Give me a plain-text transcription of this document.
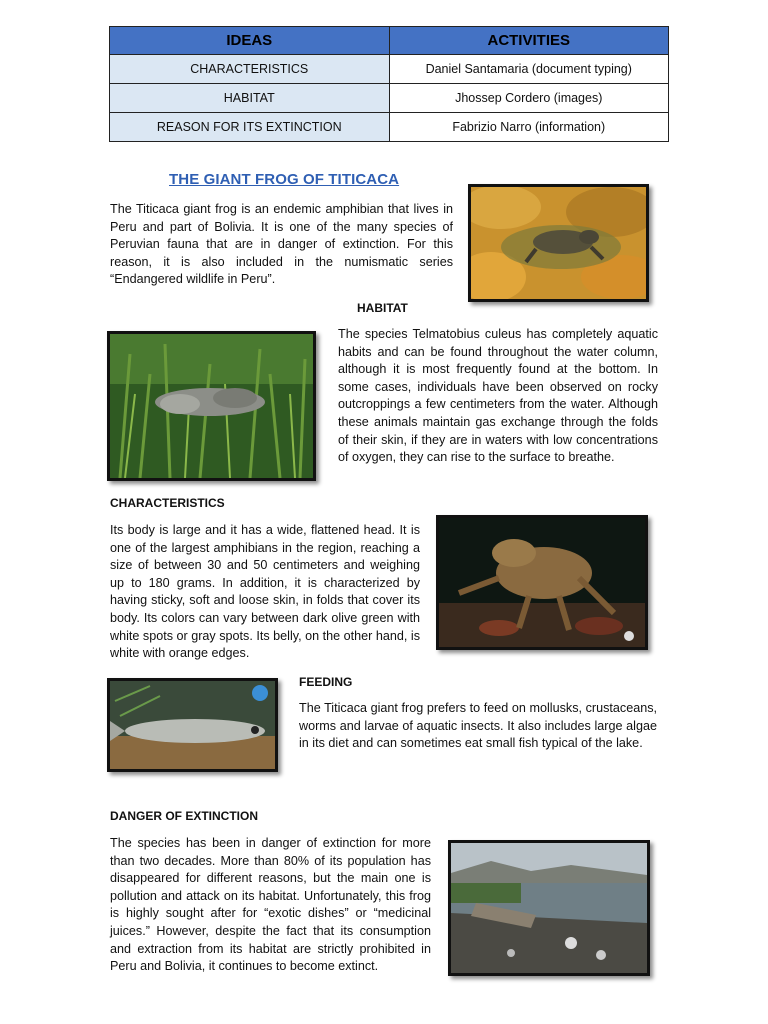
IDEAS	ACTIVITIES
CHARACTERISTICS	Daniel Santamaria (document typing)
HABITAT	Jhossep Cordero (images)
REASON FOR ITS EXTINCTION	Fabrizio Narro (information)
THE GIANT FROG OF TITICACA

The Titicaca giant frog is an endemic amphibian that lives in Peru and part of Bolivia. It is one of the many species of Peruvian fauna that are in danger of extinction. For this reason, it is also included in the numismatic series “Endangered wildlife in Peru”.

HABITAT

The species Telmatobius culeus has completely aquatic habits and can be found throughout the water column, although it is most frequently found at the bottom. In some cases, individuals have been observed on rocky outcroppings a few centimeters from the water. Although these animals maintain gas exchange through the folds of their skin, if they are in waters with low concentrations of oxygen, they can rise to the surface to breathe.

CHARACTERISTICS

Its body is large and it has a wide, flattened head. It is one of the largest amphibians in the region, reaching a size of between 30 and 50 centimeters and weighing up to 180 grams. In addition, it is characterized by having sticky, soft and loose skin, in folds that cover its body. Its colors can vary between dark olive green with white spots or gray spots. Its belly, on the other hand, is white with orange edges.

FEEDING

The Titicaca giant frog prefers to feed on mollusks, crustaceans, worms and larvae of aquatic insects. It also includes large algae in its diet and can sometimes eat small fish typical of the lake.

DANGER OF EXTINCTION

The species has been in danger of extinction for more than two decades. More than 80% of its population has disappeared for different reasons, but the main one is pollution and attack on its habitat. Unfortunately, this frog is highly sought after for “exotic dishes” or “medicinal juices.” However, despite the fact that its consumption and extraction from its habitat are strictly prohibited in Peru and Bolivia, it continues to become extinct.
